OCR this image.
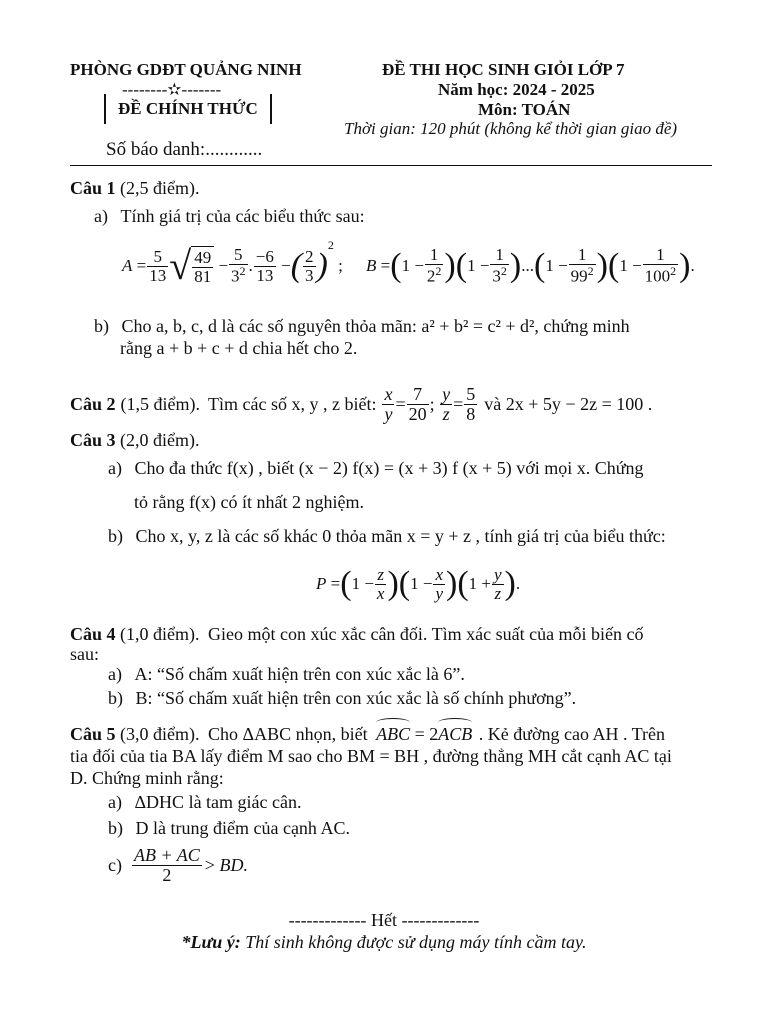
PHÒNG GDĐT QUẢNG NINH
--------✫-------
ĐỀ CHÍNH THỨC
Số báo danh:............
ĐỀ THI HỌC SINH GIỎI LỚP 7
Năm học: 2024 - 2025
Môn: TOÁN
Thời gian: 120 phút (không kể thời gian giao đề)
Câu 1 (2,5 điểm).
a) Tính giá trị của các biểu thức sau:
$A = \frac{5}{13}$ √ $\frac{49}{81} - \frac{5}{3^2}$ . $\frac{-6}{13}$ − ( $\frac{2}{3}$ )
$^2$
; B = ( $1 - \frac{1}{2^2}$ ) ( $1 - \frac{1}{3^2}$ ) ... ( $1 - \frac{1}{99^2}$ ) ( $1 - \frac{1}{100^2}$ ) .
b) Cho a, b, c, d là các số nguyên thỏa mãn: a² + b² = c² + d², chứng minh
rằng a + b + c + d chia hết cho 2.
Câu 2 (1,5 điểm). Tìm các số x, y , z biết: $\frac{x}{y} = \frac{7}{20}$ ; $\frac{y}{z} = \frac{5}{8}$ và 2x + 5y − 2z = 100 .
Câu 3 (2,0 điểm).
a) Cho đa thức f(x) , biết (x − 2) f(x) = (x + 3) f (x + 5) với mọi x. Chứng
tỏ rằng f(x) có ít nhất 2 nghiệm.
b) Cho x, y, z là các số khác 0 thỏa mãn x = y + z , tính giá trị của biểu thức:
P = ( $1 - \frac{z}{x}$ ) ( $1 - \frac{x}{y}$ ) ( $1 + \frac{y}{z}$ ) .
Câu 4 (1,0 điểm). Gieo một con xúc xắc cân đối. Tìm xác suất của mỗi biến cố
sau:
a) A: “Số chấm xuất hiện trên con xúc xắc là 6”.
b) B: “Số chấm xuất hiện trên con xúc xắc là số chính phương”.
Câu 5 (3,0 điểm). Cho ΔABC nhọn, biết ABC = 2ACB . Kẻ đường cao AH . Trên
tia đối của tia BA lấy điểm M sao cho BM = BH , đường thẳng MH cắt cạnh AC tại
D. Chứng minh rằng:
a) ΔDHC là tam giác cân.
b) D là trung điểm của cạnh AC.
$c) \frac{AB + AC}{2}$ > BD.
------------- Hết -------------
*Lưu ý: Thí sinh không được sử dụng máy tính cầm tay.
